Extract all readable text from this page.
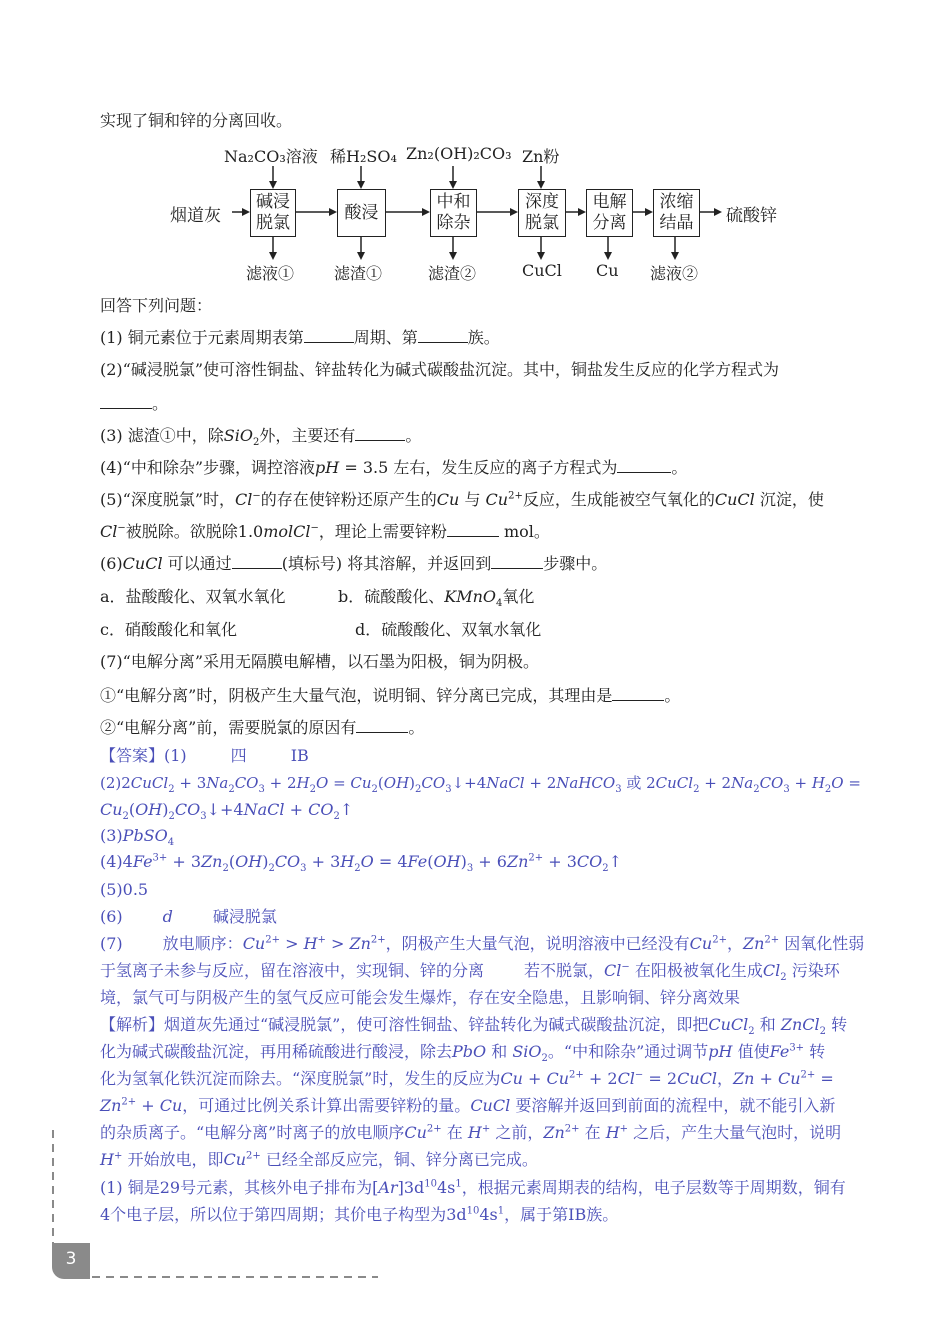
实现了铜和锌的分离回收。
Na₂CO₃溶液 稀H₂SO₄ Zn₂(OH)₂CO₃ Zn粉
烟道灰
碱浸
脱氯	酸浸
中和
除杂
深度
脱氯
电解
分离
浓缩
结晶	硫酸锌
滤液① 滤渣①	滤渣②	CuCl Cu 滤液②
回答下列问题：
(1) 铜元素位于元素周期表第	周期、第	族。
(2)“碱浸脱氯”使可溶性铜盐、锌盐转化为碱式碳酸盐沉淀。其中，铜盐发生反应的化学方程式为
。
(3) 滤渣①中，除SiO$_2$外，主要还有	。
(4)“中和除杂”步骤，调控溶液pH = 3.5 左右，发生反应的离子方程式为	。
(5)“深度脱氯”时，Cl−的存在使锌粉还原产生的Cu 与 $Cu^{2+}$反应，生成能被空气氧化的CuCl 沉淀，使
Cl−被脱除。欲脱除1.0molCl−，理论上需要锌粉	mol。
(6)CuCl 可以通过	(填标号) 将其溶解，并返回到	步骤中。
a．盐酸酸化、双氧水氧化	b．硫酸酸化、KMnO$_4$氧化
c．硝酸酸化和氧化	d．硫酸酸化、双氧水氧化
(7)“电解分离”采用无隔膜电解槽，以石墨为阳极，铜为阴极。
①“电解分离”时，阴极产生大量气泡，说明铜、锌分离已完成，其理由是	。
②“电解分离”前，需要脱氯的原因有	。
【答案】(1)	四	ⅠB
(2)2CuCl$_2$ + $3Na_2CO_3 + 2H_2O$ = $Cu_2(OH)_2CO_3↓+4NaCl$ + 2NaHCO$_3$ 或 2CuCl$_2$ + $2Na_2CO_3 + H_2O$ =
$Cu_2(OH)_2CO_3↓+4NaCl$ + $CO_2↑$
(3)PbSO$_4$
$(4)4Fe^{3+} + 3Zn_2(OH)_2CO_3 + 3H_2O = 4Fe(OH)_3 + 6Zn^{2+}$ + $3CO_2↑$
(5)0.5
(6)	d	碱浸脱氯
(7)	放电顺序：$Cu^{2+} > H^+ > Zn^{2+}$，阴极产生大量气泡，说明溶液中已经没有$Cu^{2+}$，$Zn^{2+}$ 因氧化性弱
于氢离子未参与反应，留在溶液中，实现铜、锌的分离	若不脱氯，Cl− 在阳极被氧化生成$Cl_2$ 污染环
境，氯气可与阴极产生的氢气反应可能会发生爆炸，存在安全隐患，且影响铜、锌分离效果
【解析】烟道灰先通过“碱浸脱氯”，使可溶性铜盐、锌盐转化为碱式碳酸盐沉淀，即把CuCl$_2$ 和 ZnCl$_2$ 转
化为碱式碳酸盐沉淀，再用稀硫酸进行酸浸，除去PbO 和 SiO$_2$。“中和除杂”通过调节pH 值使$Fe^{3+}$ 转
化为氢氧化铁沉淀而除去。“深度脱氯”时，发生的反应为$Cu + Cu^{2+} + 2Cl^-$ = 2CuCl，$Zn + Cu^{2+}$ =
$Zn^{2+} + Cu$，可通过比例关系计算出需要锌粉的量。CuCl 要溶解并返回到前面的流程中，就不能引入新
的杂质离子。“电解分离”时离子的放电顺序$Cu^{2+}$ 在 H+ 之前，$Zn^{2+}$ 在 H+ 之后，产生大量气泡时，说明
H+ 开始放电，即$Cu^{2+}$ 已经全部反应完，铜、锌分离已完成。
(1) 铜是29号元素，其核外电子排布为$[Ar]3d^{10}4s^1$，根据元素周期表的结构，电子层数等于周期数，铜有
4个电子层，所以位于第四周期；其价电子构型为$3d^{10}4s^1$，属于第ⅠB族。
3
